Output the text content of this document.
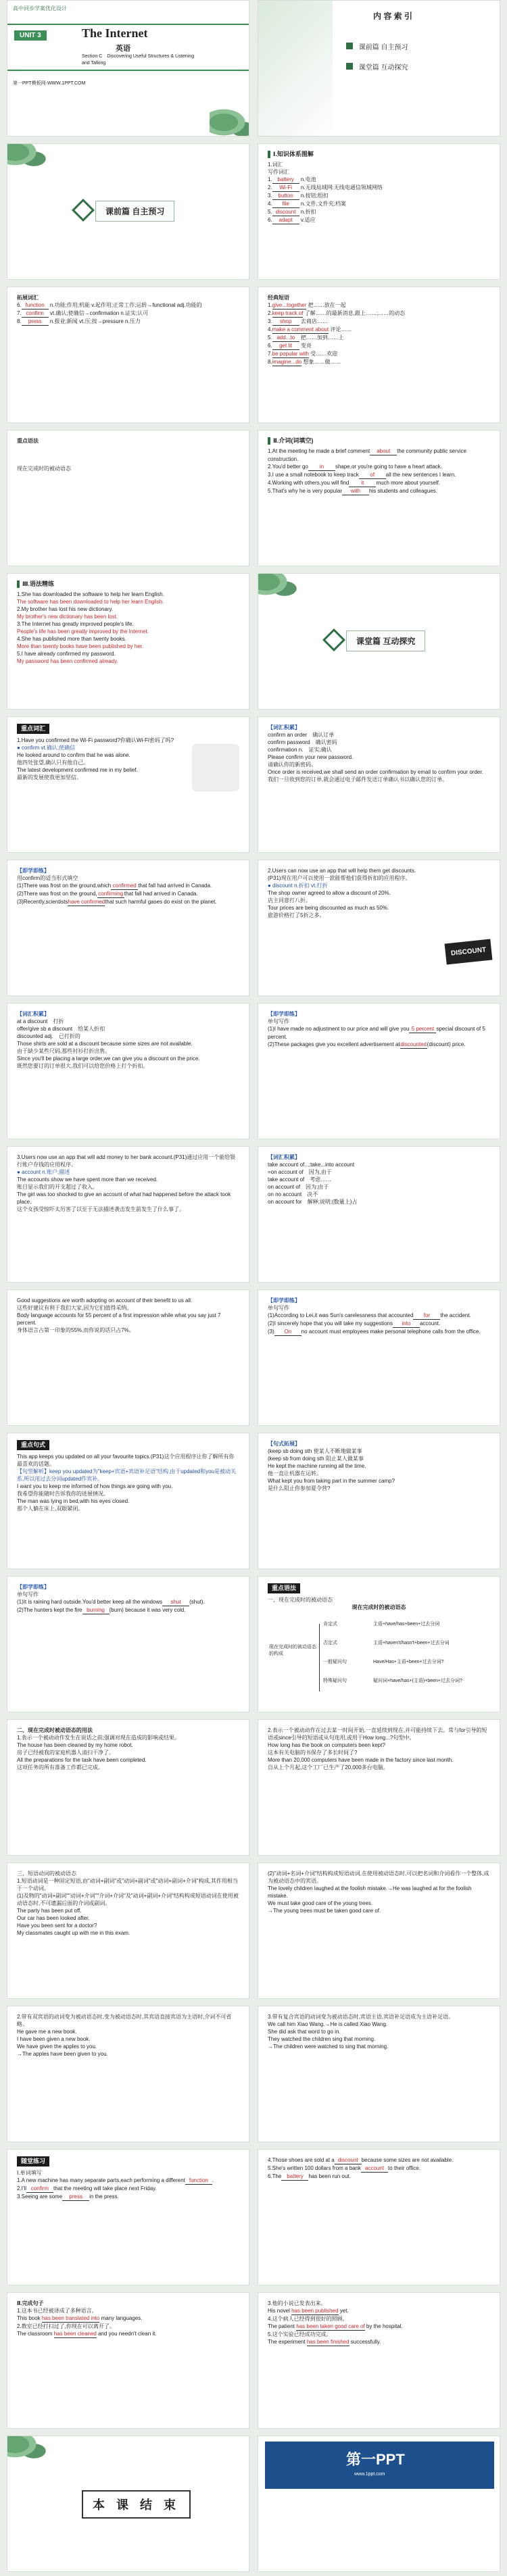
高中同步学案优化设计
UNIT 3	The Internet
英语
Section C　Discovering Useful Structures & Listening and Talking
第一PPT模板网-WWW.1PPT.COM
内 容 索 引
课前篇 自主预习
课堂篇 互动探究
课前篇 自主预习
Ⅰ.知识体系图解
1.词汇
写作词汇
1. battery n.电池
2. Wi-Fi n.无线局域网:无线电通信领域网络
3. button n.按钮;组扣
4. file n.文件,文件夹;档案
5. discount n.折扣
6. adapt v.适应
拓展词汇
6. function n.功能;作用;机能 v.起作用;正常工作;运转→functional adj.功能的
7. confirm vt.确认;使确信→confirmation n.证实;认可
8. press n.报业;新闻 vt.压;按→pressure n.压力
经典短语
1.give...together 把……放在一起
2.keep track of 了解……的最新消息,跟上……;……的动态
3. shop 去商店……
4.make a comment about 评论……
5. add...to 把……加到……上
6. get lit 变亮
7.be popular with 受……欢迎
8.imagine...do 想象……做……
重点语法
现在完成时的被动语态
Ⅱ.介词(词填空)
1.At the meeting he made a brief comment about the community public service construction.
2.You'd better go in shape,or you're going to have a heart attack.
3.I use a small notebook to keep track of all the new sentences I learn.
4.Working with others,you will find it much more about yourself.
5.That's why he is very popular with his students and colleagues.
Ⅲ.语法精练
1.She has downloaded the software to help her learn English.
The software has been downloaded to help her learn English.
2.My brother has lost his new dictionary.
My brother's new dictionary has been lost.
3.The Internet has greatly improved people's life.
People's life has been greatly improved by the Internet.
4.She has published more than twenty books.
More than twenty books have been published by her.
5.I have already confirmed my password.
My password has been confirmed already.
课堂篇 互动探究
重点词汇
1.Have you confirmed the Wi-Fi password?你确认Wi-Fi密码了吗?
● confirm vt.确认;使确信
He looked around to confirm that he was alone.
他四处张望,确认只有他自己。
The latest development confirmed me in my belief.
最新的发展使我更加坚信。
【词汇积累】
confirm an order　确认订单
confirm password　确认密码
confirmation n.　证实;确认
Please confirm your new password.
请确认你的新密码。
Once order is received,we shall send an order confirmation by email to confirm your order.
我们一旦收到您的订单,就会通过电子邮件发送订单确认书以确认您的订单。
【即学即练】
用confirm的适当形式填空
(1)There was frost on the ground,which confirmed that fall had arrived in Canada.
(2)There was frost on the ground, confirming that fall had arrived in Canada.
(3)Recently,scientistshave confirmedthat such harmful gases do exist on the planet.
2.Users can now use an app that will help them get discounts.(P31)现在用户可以使用一款能帮他们获得折扣的应用程序。
● discount n.折扣 vt.打折
The shop owner agreed to allow a discount of 20%.
店主同意打八折。
Tour prices are being discounted as much as 50%.
旅游价格打了5折之多。
DISCOUNT
【词汇积累】
at a discount　打折
offer/give sb a discount　给某人折扣
discounted adj.　已打折的
Those shirts are sold at a discount because some sizes are not available.
由于缺少某些尺码,那些衬衫打折出售。
Since you'll be placing a large order,we can give you a discount on the price.
既然您要订的订单很大,我们可以给您价格上打个折扣。
【即学即练】
单句写作
(1)I have made no adjustment to our price and will give you 5 percent special discount of 5 percent.
(2)These packages give you excellent advertisement atdiscounted(discount) price.
3.Users now use an app that will add money to her bank account.(P31)通过应用一个能给银行账户存钱的应用程序。
● account n.账户;描述
The accounts show we have spent more than we received.
账目显示我们的开支超过了收入。
The girl was too shocked to give an account of what had happened before the attack took place.
这个女孩受惊吓太厉害了以至于无法描述袭击发生前发生了什么事了。
【词汇积累】
take account of...;take...into account
=on account of　因为,由于
take account of　考虑……
on account of　因为;由于
on no account　决不
on account for　解释;说明;(数量上)占
Good suggestions are worth adopting on account of their benefit to us all.
这些好建议有利于我们大家,因为它们值得采纳。
Body language accounts for 55 percent of a first impression while what you say just 7 percent.
身体语言占第一印象的55%,而你说的话只占7%。
【即学即练】
单句写作
(1)According to Lei,it was Sun's carelessness that accounted for the accident.
(2)I sincerely hope that you will take my suggestions into account.
(3) On no account must employees make personal telephone calls from the office.
重点句式
This app keeps you updated on all your favourite topics.(P31)这个应用程序让你了解所有你最喜欢的话题。
【句型解析】keep you updated为"keep+宾语+宾语补足语"结构,由于updated和you是被动关系,所以用过去分词updated作宾补。
I want you to keep me informed of how things are going with you.
我希望你能随时告诉我你的进展情况。
The man was lying in bed,with his eyes closed.
那个人躺在床上,双眼紧闭。
【句式拓展】
(keep sb doing sth 使某人不断地做某事
(keep sb from doing sth 阻止某人做某事
He kept the machine running all the time.
他一直让机器在运转。
What kept you from taking part in the summer camp?
是什么阻止你参加夏令营?
【即学即练】
单句写作
(1)It is raining hard outside.You'd better keep all the windows shut (shut).
(2)The hunters kept the fire burning (burn) because it was very cold.
重点语法
一、现在完成时的被动语态
现在完成时的被动语态
现在完成时的被动语态的构成
肯定式
否定式
一般疑问句
特殊疑问句
主语+have/has+been+过去分词
主语+haven't/hasn't+been+过去分词
Have/Has+主语+been+过去分词?
疑问词+have/has+(主语)+been+过去分词?
二、现在完成时被动语态的用法
1.表示一个被动动作发生在说话之前;强调对现在造成的影响或结果。
The house has been cleaned by my home robot.
房子已经被我的家庭机器人清扫干净了。
All the preparations for the task have been completed.
这项任务的所有准备工作都已完成。
2.表示一个被动动作在过去某一时间开始,一直延续到现在,并可能持续下去。常与for引导的短语或since引导的短语或从句连用,或用于How long...?句型中。
How long has the book on computers been kept?
这本有关电脑的书保存了多长时间了?
More than 20,000 computers have been made in the factory since last month.
自从上个月起,这个工厂已生产了20,000多台电脑。
三、短语动词的被动语态
1.短语动词是一种固定短语,由"动词+副词"或"动词+副词"或"动词+副词+介词"构成,其作用相当于一个动词。
(1)及物的"动词+副词""动词+介词""介词+介词"及"动词+副词+介词"结构构成短语动词在使用被动语态时,不可遗漏后面的介词或副词。
The party has been put off.
Our car has been looked after.
Have you been sent for a doctor?
My classmates caught up with me in this exam.
(2)"动词+名词+介词"结构构成短语动词,在使用被动语态时,可以把名词和介词看作一个整体,成为被动语态中的宾语。
The lovely children laughed at the foolish mistake.→He was laughed at for the foolish mistake.
We must take good care of the young trees.
→The young trees must be taken good care of.
2.带有双宾语的动词变为被动语态时,变为被动语态时,其宾语直接宾语为主语时,介词不可省略。
He gave me a new book.
I have been given a new book.
We have given the apples to you.
→The apples have been given to you.
3.带有复合宾语的动词变为被动语态时,宾语主语,宾语补足语成为主语补足语。
We call him Xiao Wang.→He is called Xiao Wang.
She did ask that word to go in.
They watched the children sing that morning.
→The children were watched to sing that morning.
随堂练习
Ⅰ.单词填写
1.A new machine has many separate parts,each performing a different function .
2.I'll confirm that the meeting will take place next Friday.
3.Seeing are some press in the press.
4.Those shoes are sold at a discount because some sizes are not available.
5.She's written 100 dollars from a bank account to their office.
6.The battery has been run out.
Ⅱ.完成句子
1.这本书已经被译成了多种语言。
This book has been translated into many languages.
2.教室已经打扫过了,你现在可以离开了。
The classroom has been cleaned and you needn't clean it.
3.他的小说已发表出来。
His novel has been published yet.
4.这个病人已经得到很好的照顾。
The patient has been taken good care of by the hospital.
5.这个实验已经成功完成。
The experiment has been finished successfully.
本 课 结 束
第一PPT
www.1ppt.com
